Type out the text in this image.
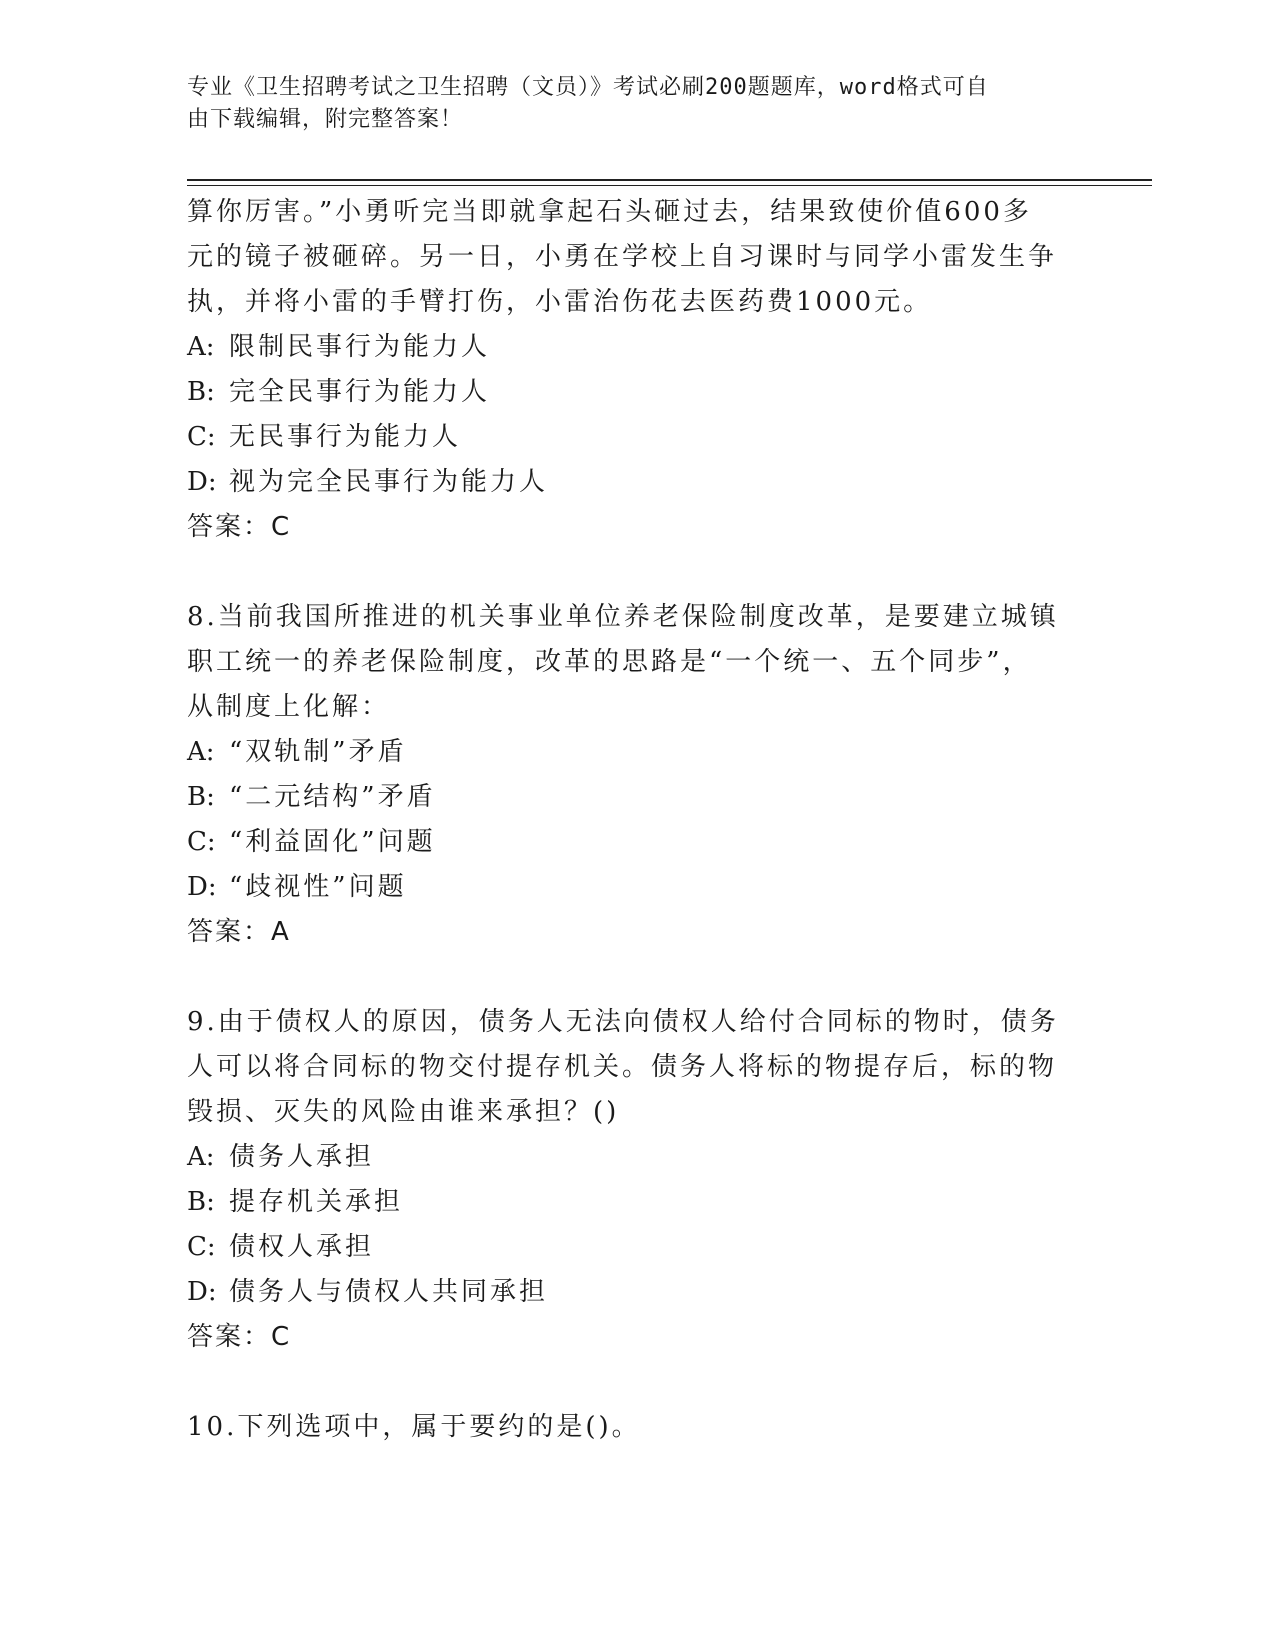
专业《卫生招聘考试之卫生招聘（文员）》考试必刷200题题库，word格式可自
由下载编辑，附完整答案！

算你厉害。”小勇听完当即就拿起石头砸过去，结果致使价值600多

元的镜子被砸碎。另一日，小勇在学校上自习课时与同学小雷发生争

执，并将小雷的手臂打伤，小雷治伤花去医药费1000元。

A: 限制民事行为能力人

B: 完全民事行为能力人

C: 无民事行为能力人

D: 视为完全民事行为能力人

答案：C

8.当前我国所推进的机关事业单位养老保险制度改革，是要建立城镇

职工统一的养老保险制度，改革的思路是“一个统一、五个同步”，

从制度上化解：

A: “双轨制”矛盾

B: “二元结构”矛盾

C: “利益固化”问题

D: “歧视性”问题

答案：A

9.由于债权人的原因，债务人无法向债权人给付合同标的物时，债务

人可以将合同标的物交付提存机关。债务人将标的物提存后，标的物

毁损、灭失的风险由谁来承担？()

A: 债务人承担

B: 提存机关承担

C: 债权人承担

D: 债务人与债权人共同承担

答案：C

10.下列选项中，属于要约的是()。
